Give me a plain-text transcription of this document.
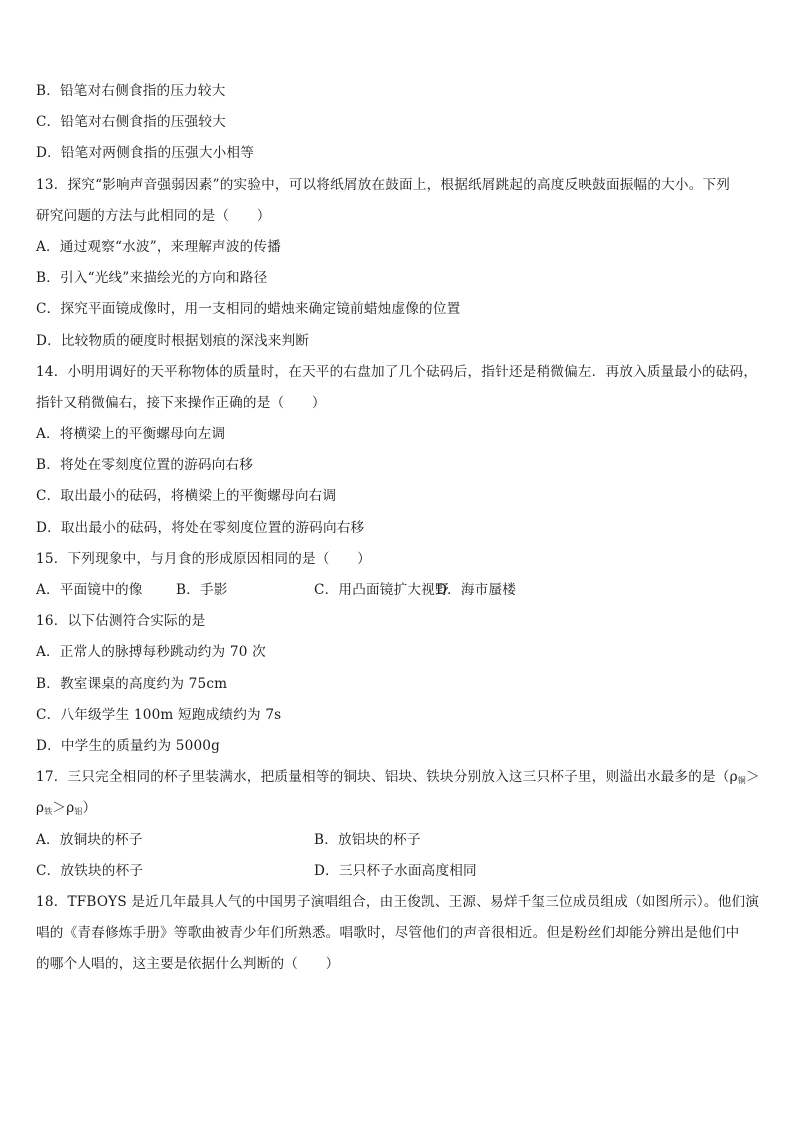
B．铅笔对右侧食指的压力较大
C．铅笔对右侧食指的压强较大
D．铅笔对两侧食指的压强大小相等
13．探究“影响声音强弱因素”的实验中，可以将纸屑放在鼓面上，根据纸屑跳起的高度反映鼓面振幅的大小。下列
研究问题的方法与此相同的是（　　）
A．通过观察“水波”，来理解声波的传播
B．引入“光线”来描绘光的方向和路径
C．探究平面镜成像时，用一支相同的蜡烛来确定镜前蜡烛虚像的位置
D．比较物质的硬度时根据划痕的深浅来判断
14．小明用调好的天平称物体的质量时，在天平的右盘加了几个砝码后，指针还是稍微偏左．再放入质量最小的砝码，
指针又稍微偏右，接下来操作正确的是（　　）
A．将横梁上的平衡螺母向左调
B．将处在零刻度位置的游码向右移
C．取出最小的砝码，将横梁上的平衡螺母向右调
D．取出最小的砝码，将处在零刻度位置的游码向右移
15．下列现象中，与月食的形成原因相同的是（　　）
A．平面镜中的像	B．手影	C．用凸面镜扩大视野
D．海市蜃楼
16．以下估测符合实际的是
A．正常人的脉搏每秒跳动约为 70 次
B．教室课桌的高度约为 75cm
C．八年级学生 100m 短跑成绩约为 7s
D．中学生的质量约为 5000g
17．三只完全相同的杯子里装满水，把质量相等的铜块、铝块、铁块分别放入这三只杯子里，则溢出水最多的是（$\rho_铜>$
$\rho_铁>\rho_铝$）
A．放铜块的杯子	B．放铝块的杯子
C．放铁块的杯子	D．三只杯子水面高度相同
18．TFBOYS 是近几年最具人气的中国男子演唱组合，由王俊凯、王源、易烊千玺三位成员组成（如图所示）。他们演
唱的《青春修炼手册》等歌曲被青少年们所熟悉。唱歌时，尽管他们的声音很相近。但是粉丝们却能分辨出是他们中
的哪个人唱的，这主要是依据什么判断的（　　）
